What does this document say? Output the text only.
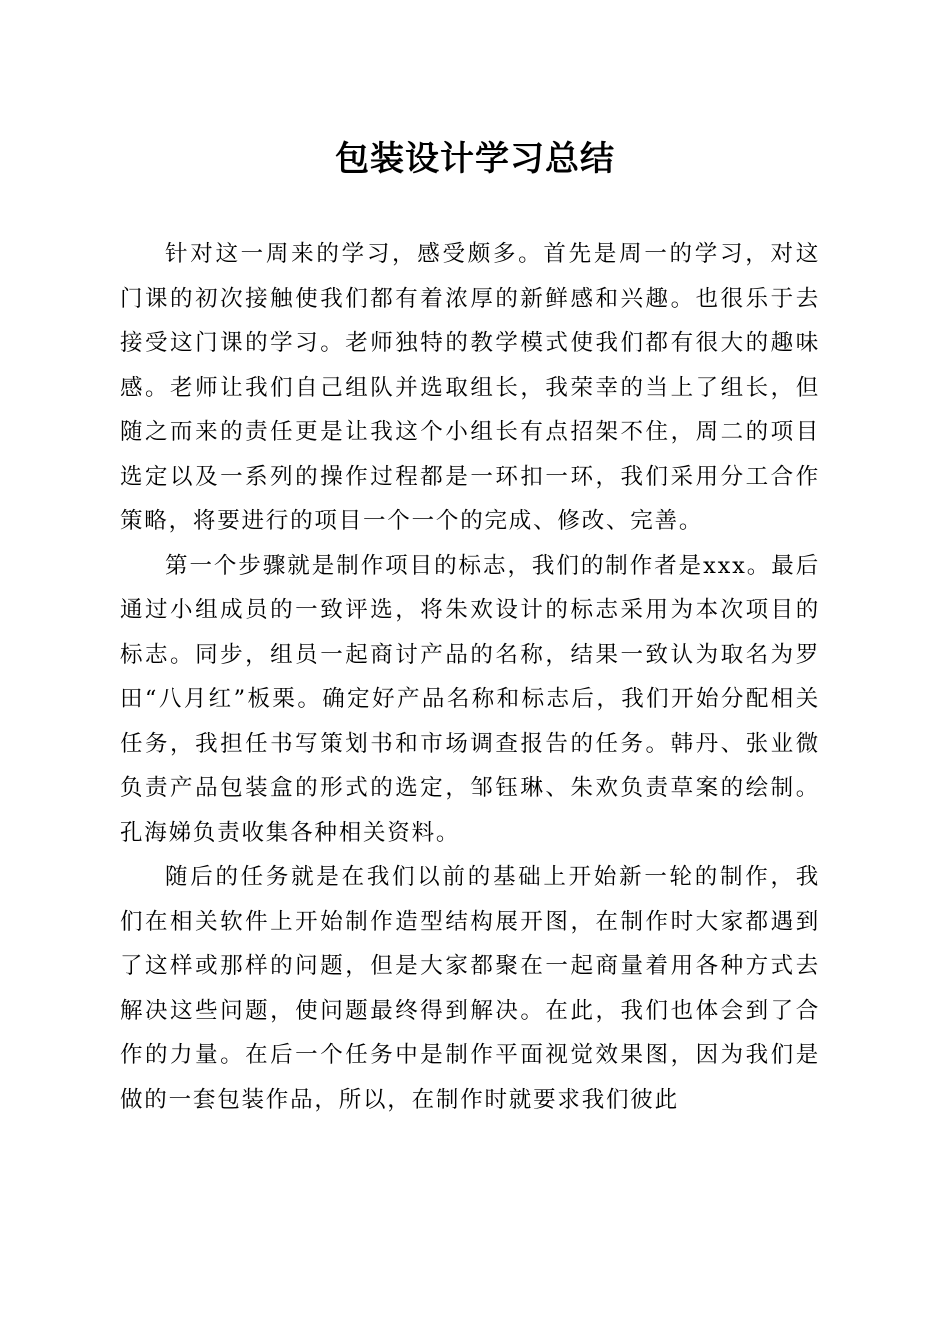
包装设计学习总结

针对这一周来的学习，感受颇多。首先是周一的学习，对这门课的初次接触使我们都有着浓厚的新鲜感和兴趣。也很乐于去接受这门课的学习。老师独特的教学模式使我们都有很大的趣味感。老师让我们自己组队并选取组长，我荣幸的当上了组长，但随之而来的责任更是让我这个小组长有点招架不住，周二的项目选定以及一系列的操作过程都是一环扣一环，我们采用分工合作策略，将要进行的项目一个一个的完成、修改、完善。

第一个步骤就是制作项目的标志，我们的制作者是xxx。最后通过小组成员的一致评选，将朱欢设计的标志采用为本次项目的标志。同步，组员一起商讨产品的名称，结果一致认为取名为罗田“八月红”板栗。确定好产品名称和标志后，我们开始分配相关任务，我担任书写策划书和市场调查报告的任务。韩丹、张业微负责产品包装盒的形式的选定，邹钰琳、朱欢负责草案的绘制。孔海娣负责收集各种相关资料。

随后的任务就是在我们以前的基础上开始新一轮的制作，我们在相关软件上开始制作造型结构展开图，在制作时大家都遇到了这样或那样的问题，但是大家都聚在一起商量着用各种方式去解决这些问题，使问题最终得到解决。在此，我们也体会到了合作的力量。在后一个任务中是制作平面视觉效果图，因为我们是做的一套包装作品，所以，在制作时就要求我们彼此
